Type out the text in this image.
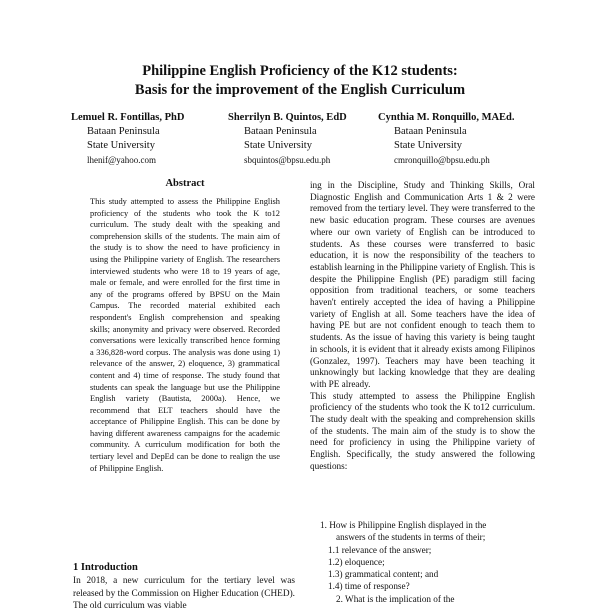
Philippine English Proficiency of the K12 students:
Basis for the improvement of the English Curriculum
Lemuel R. Fontillas, PhD
Bataan Peninsula
State University
lhenif@yahoo.com
Sherrilyn B. Quintos, EdD
Bataan Peninsula
State University
sbquintos@bpsu.edu.ph
Cynthia M. Ronquillo, MAEd.
Bataan Peninsula
State University
cmronquillo@bpsu.edu.ph
Abstract
This study attempted to assess the Philippine English proficiency of the students who took the K to12 curriculum. The study dealt with the speaking and comprehension skills of the students. The main aim of the study is to show the need to have proficiency in using the Philippine variety of English. The researchers interviewed students who were 18 to 19 years of age, male or female, and were enrolled for the first time in any of the programs offered by BPSU on the Main Campus. The recorded material exhibited each respondent's English comprehension and speaking skills; anonymity and privacy were observed. Recorded conversations were lexically transcribed hence forming a 336,828-word corpus. The analysis was done using 1) relevance of the answer, 2) eloquence, 3) grammatical content and 4) time of response. The study found that students can speak the language but use the Philippine English variety (Bautista, 2000a). Hence, we recommend that ELT teachers should have the acceptance of Philippine English. This can be done by having different awareness campaigns for the academic community. A curriculum modification for both the tertiary level and DepEd can be done to realign the use of Philippine English.
1 Introduction
In 2018, a new curriculum for the tertiary level was released by the Commission on Higher Education (CHED). The old curriculum was viable

ing in the Discipline, Study and Thinking Skills, Oral Diagnostic English and Communication Arts 1 & 2 were removed from the tertiary level. They were transferred to the new basic education program. These courses are avenues where our own variety of English can be introduced to students. As these courses were transferred to basic education, it is now the responsibility of the teachers to establish learning in the Philippine variety of English. This is despite the Philippine English (PE) paradigm still facing opposition from traditional teachers, or some teachers haven't entirely accepted the idea of having a Philippine variety of English at all. Some teachers have the idea of having PE but are not confident enough to teach them to students. As the issue of having this variety is being taught in schools, it is evident that it already exists among Filipinos (Gonzalez, 1997). Teachers may have been teaching it unknowingly but lacking knowledge that they are dealing with PE already.

This study attempted to assess the Philippine English proficiency of the students who took the K to12 curriculum. The study dealt with the speaking and comprehension skills of the students. The main aim of the study is to show the need for proficiency in using the Philippine variety of English. Specifically, the study answered the following questions:

1. How is Philippine English displayed in the
answers of the students in terms of their;
1.1 relevance of the answer;
1.2) eloquence;
1.3) grammatical content; and
1.4) time of response?
2. What is the implication of the
